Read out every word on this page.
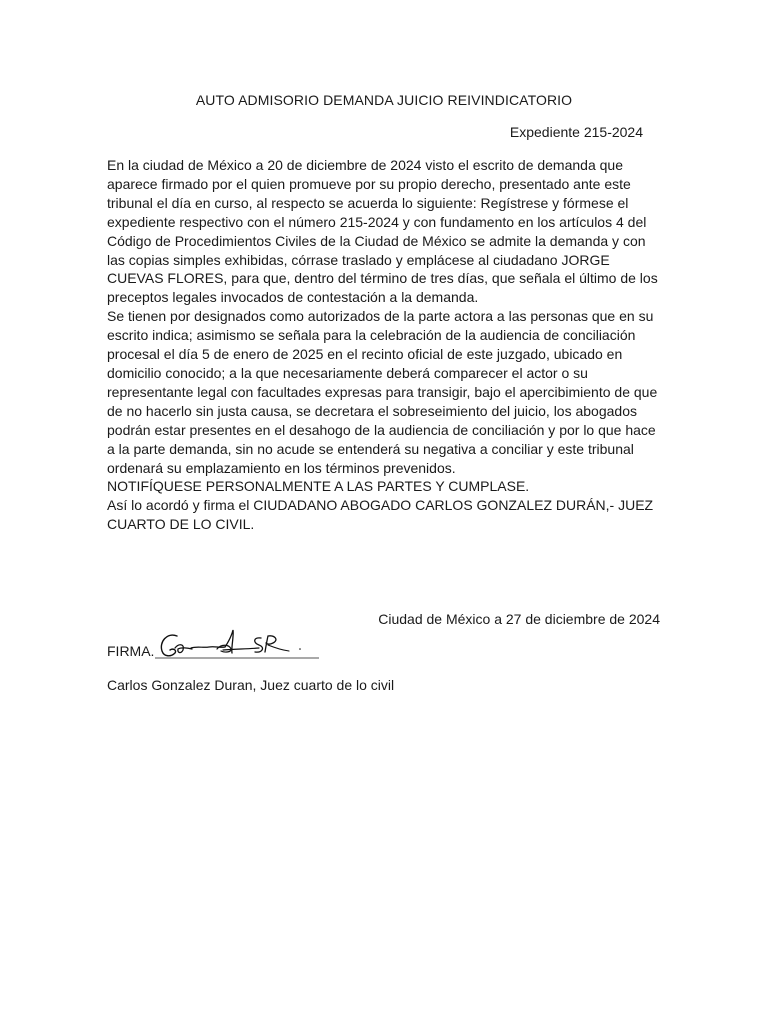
AUTO ADMISORIO DEMANDA JUICIO REIVINDICATORIO
Expediente 215-2024

En la ciudad de México a 20 de diciembre de 2024 visto el escrito de demanda que aparece firmado por el quien promueve por su propio derecho, presentado ante este tribunal el día en curso, al respecto se acuerda lo siguiente: Regístrese y fórmese el expediente respectivo con el número 215-2024 y con fundamento en los artículos 4 del Código de Procedimientos Civiles de la Ciudad de México se admite la demanda y con las copias simples exhibidas, córrase traslado y emplácese al ciudadano JORGE CUEVAS FLORES, para que, dentro del término de tres días, que señala el último de los preceptos legales invocados de contestación a la demanda.

Se tienen por designados como autorizados de la parte actora a las personas que en su escrito indica; asimismo se señala para la celebración de la audiencia de conciliación procesal el día 5 de enero de 2025 en el recinto oficial de este juzgado, ubicado en domicilio conocido; a la que necesariamente deberá comparecer el actor o su representante legal con facultades expresas para transigir, bajo el apercibimiento de que de no hacerlo sin justa causa, se decretara el sobreseimiento del juicio, los abogados podrán estar presentes en el desahogo de la audiencia de conciliación y por lo que hace a la parte demanda, sin no acude se entenderá su negativa a conciliar y este tribunal ordenará su emplazamiento en los términos prevenidos.

NOTIFÍQUESE PERSONALMENTE A LAS PARTES Y CUMPLASE.

Así lo acordó y firma el CIUDADANO ABOGADO CARLOS GONZALEZ DURÁN,- JUEZ CUARTO DE LO CIVIL.

Ciudad de México a 27 de diciembre de 2024
FIRMA.
Carlos Gonzalez Duran, Juez cuarto de lo civil
